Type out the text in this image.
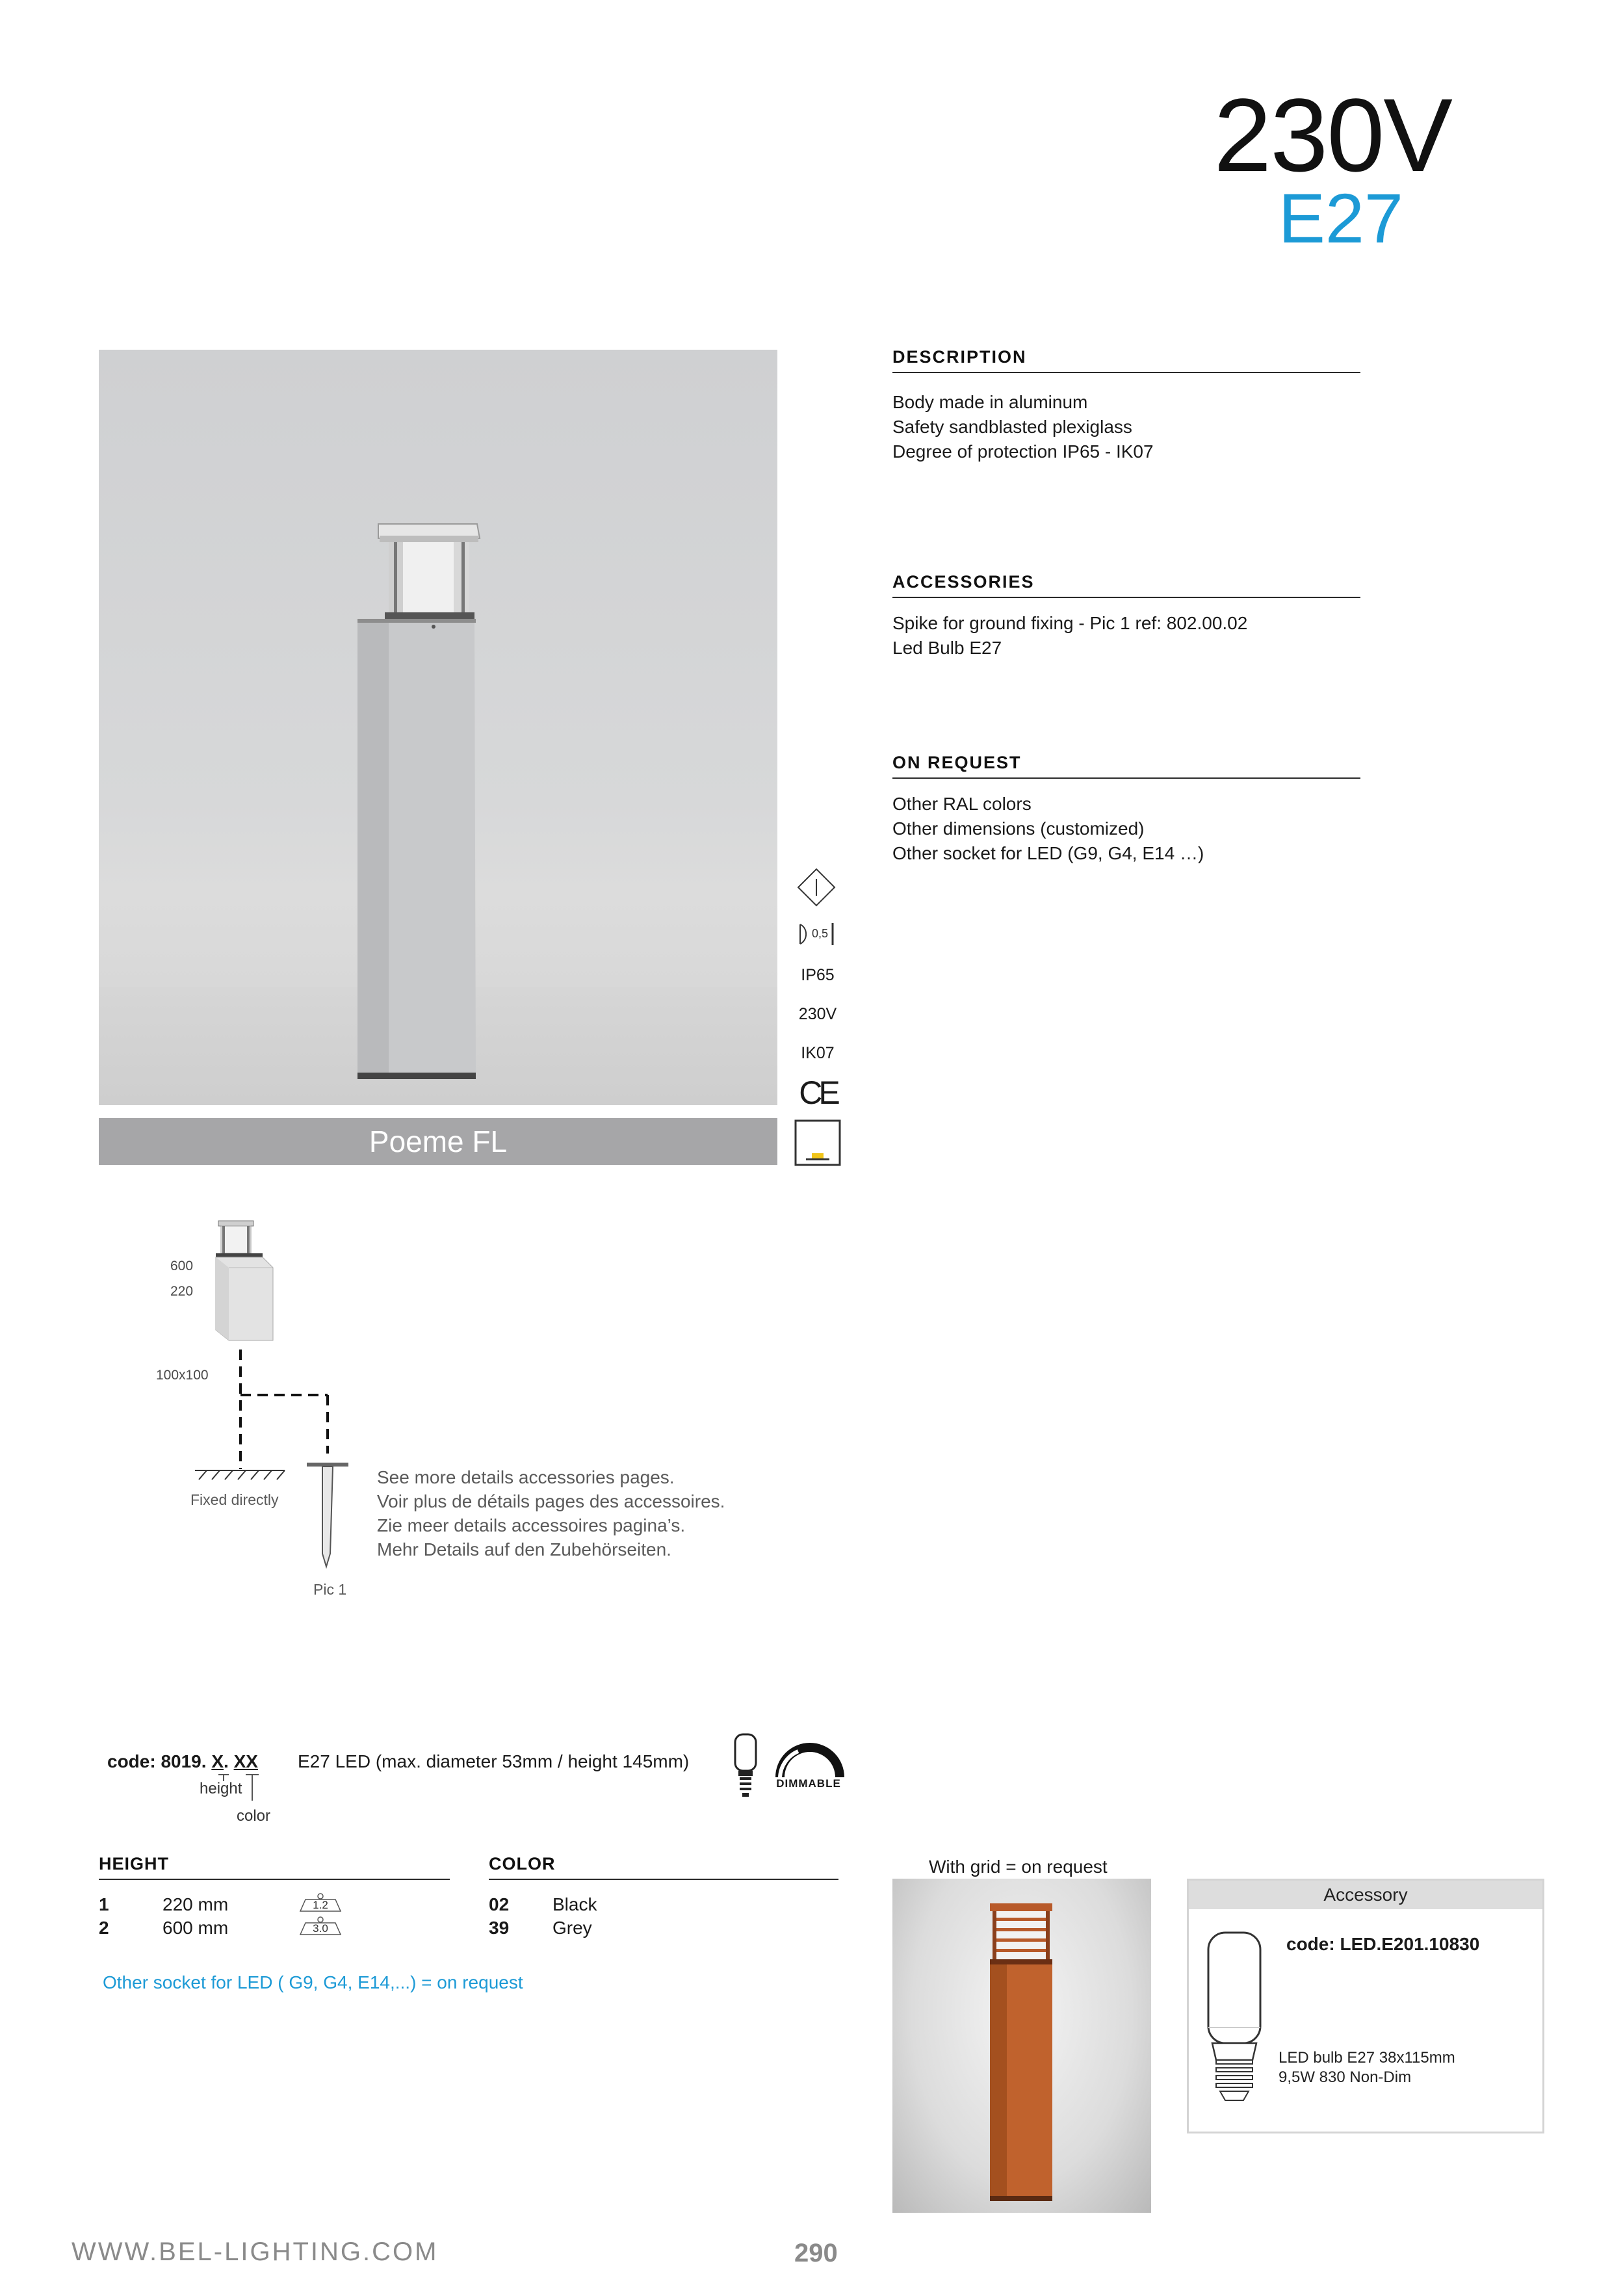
230V
E27
Poeme FL
0,5
IP65
230V
IK07
CE
DESCRIPTION
Body made in aluminum
Safety sandblasted plexiglass
Degree of protection IP65 - IK07
ACCESSORIES
Spike for ground fixing - Pic 1 ref: 802.00.02
Led Bulb E27
ON REQUEST
Other RAL colors
Other dimensions (customized)
Other socket for LED (G9, G4, E14 …)
600
220
100x100
Fixed directly
Pic 1
See more details accessories pages.
Voir plus de détails pages des accessoires.
Zie meer details accessoires pagina’s.
Mehr Details auf den Zubehörseiten.
code: 8019. X. XX
height
color
E27 LED (max. diameter 53mm / height 145mm)
DIMMABLE
HEIGHT
1	220 mm
2	600 mm
1.2
3.0
COLOR
02 Black
39 Grey
Other socket for LED ( G9, G4, E14,...) = on request
With grid = on request
Accessory
code: LED.E201.10830
LED bulb E27 38x115mm
9,5W 830 Non-Dim
WWW.BEL-LIGHTING.COM	290
